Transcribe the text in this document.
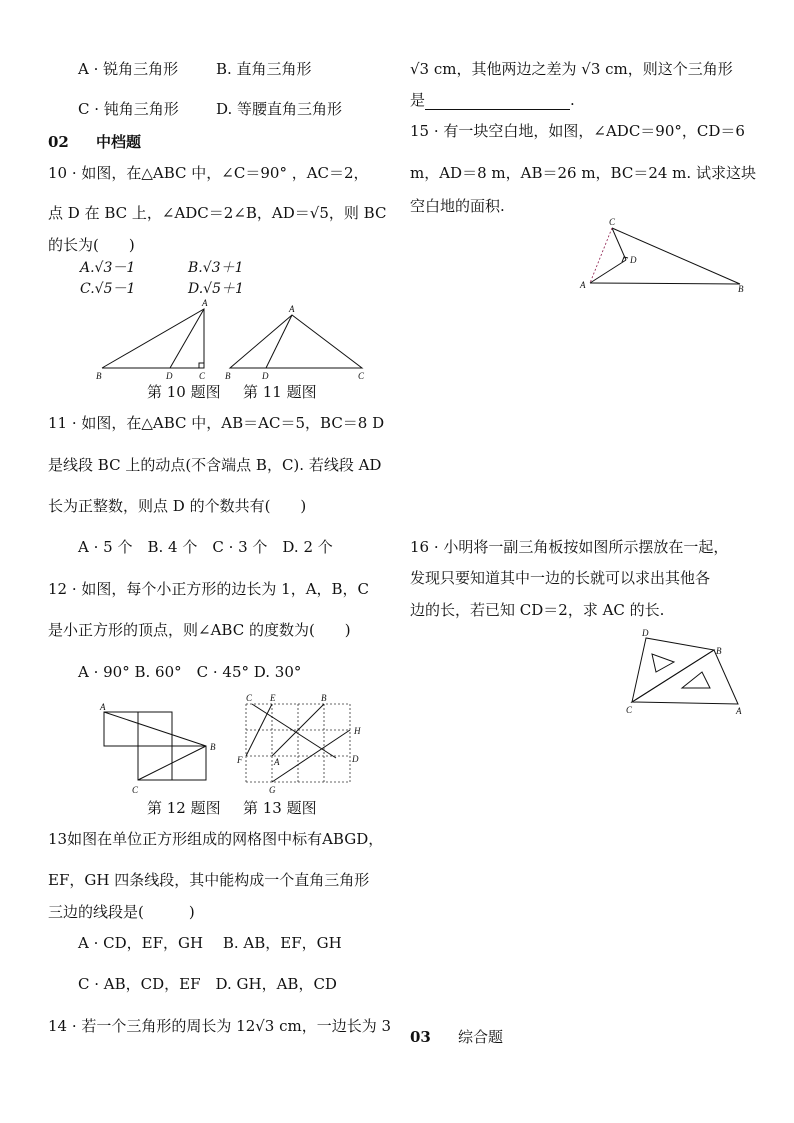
A · 锐角三角形	B. 直角三角形
C · 钝角三角形 D. 等腰直角三角形
02 中档题
10 · 如图，在△ABC 中，∠C＝90° ，AC＝2，
点 D 在 BC 上，∠ADC＝2∠B，AD＝√5，则 BC
的长为(　　)
A.√3－1	B.√3＋1
C.√5－1	D.√5＋1
A
B	D	C
A
B	D	C
第 10 题图 第 11 题图
11 · 如图，在△ABC 中，AB＝AC＝5，BC＝8 D
是线段 BC 上的动点(不含端点 B，C). 若线段 AD
长为正整数，则点 D 的个数共有(　　)
A · 5 个　B. 4 个　C · 3 个　D. 2 个
12 · 如图，每个小正方形的边长为 1，A，B，C
是小正方形的顶点，则∠ABC 的度数为(　　)
A · 90° B. 60°　C · 45° D. 30°
A
B
C
C E	B
H
F	A	D
G
第 12 题图 第 13 题图
13如图在单位正方形组成的网格图中标有ABGD，
EF，GH 四条线段，其中能构成一个直角三角形
三边的线段是(　　　)
A · CD，EF，GH　 B. AB，EF，GH
C · AB，CD，EF　D. GH，AB，CD
14 · 若一个三角形的周长为 12√3 cm，一边长为 3
√3 cm，其他两边之差为 √3 cm，则这个三角形
是	.
15 · 有一块空白地，如图，∠ADC＝90°，CD＝6
m，AD＝8 m，AB＝26 m，BC＝24 m. 试求这块
空白地的面积.
C
D
A	B
16 · 小明将一副三角板按如图所示摆放在一起，
发现只要知道其中一边的长就可以求出其他各
边的长，若已知 CD＝2，求 AC 的长.
D
B
C	A
03 综合题
